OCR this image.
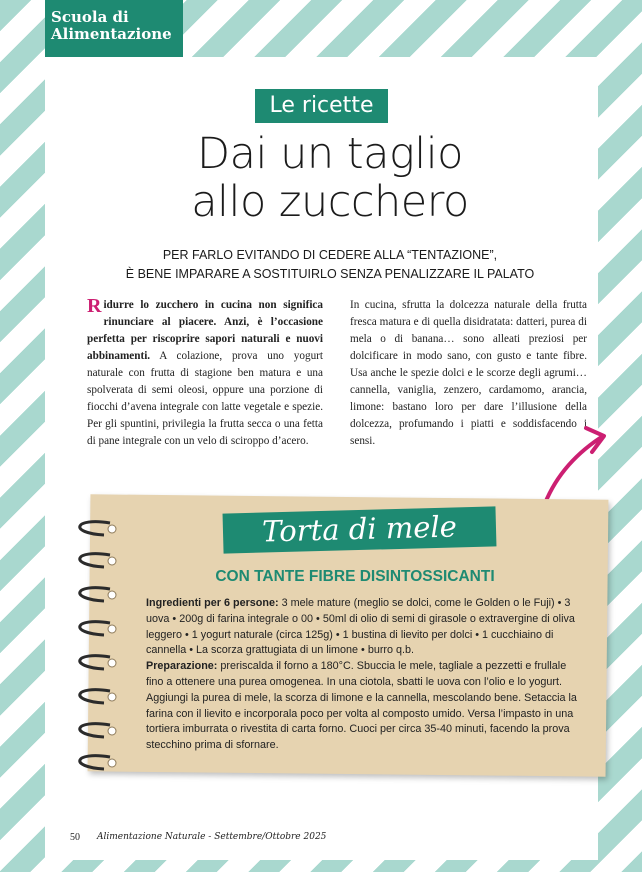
Scuola di
Alimentazione
Le ricette
Dai un taglio
allo zucchero
PER FARLO EVITANDO DI CEDERE ALLA “TENTAZIONE”,
È BENE IMPARARE A SOSTITUIRLO SENZA PENALIZZARE IL PALATO
Ridurre lo zucchero in cucina non significa rinunciare al piacere. Anzi, è l’occasione perfetta per riscoprire sapori naturali e nuovi abbinamenti. A colazione, prova uno yogurt naturale con frutta di stagione ben matura e una spolverata di semi oleosi, oppure una porzione di fiocchi d’avena integrale con latte vegetale e spezie. Per gli spuntini, privilegia la frutta secca o una fetta di pane integrale con un velo di sciroppo d’acero.
In cucina, sfrutta la dolcezza naturale della frutta fresca matura e di quella disidratata: datteri, purea di mela o di banana… sono alleati preziosi per dolcificare in modo sano, con gusto e tante fibre. Usa anche le spezie dolci e le scorze degli agrumi… cannella, vaniglia, zenzero, cardamomo, arancia, limone: bastano loro per dare l’illusione della dolcezza, profumando i piatti e soddisfacendo i sensi.
Torta di mele
CON TANTE FIBRE DISINTOSSICANTI
Ingredienti per 6 persone: 3 mele mature (meglio se dolci, come le Golden o le Fuji) • 3 uova • 200g di farina integrale o 00 • 50ml di olio di semi di girasole o extravergine di oliva leggero • 1 yogurt naturale (circa 125g) • 1 bustina di lievito per dolci • 1 cucchiaino di cannella • La scorza grattugiata di un limone • burro q.b.
Preparazione: preriscalda il forno a 180°C. Sbuccia le mele, tagliale a pezzetti e frullale fino a ottenere una purea omogenea. In una ciotola, sbatti le uova con l’olio e lo yogurt. Aggiungi la purea di mele, la scorza di limone e la cannella, mescolando bene. Setaccia la farina con il lievito e incorporala poco per volta al composto umido. Versa l’impasto in una tortiera imburrata o rivestita di carta forno. Cuoci per circa 35-40 minuti, facendo la prova stecchino prima di sfornare.
50 Alimentazione Naturale - Settembre/Ottobre 2025
